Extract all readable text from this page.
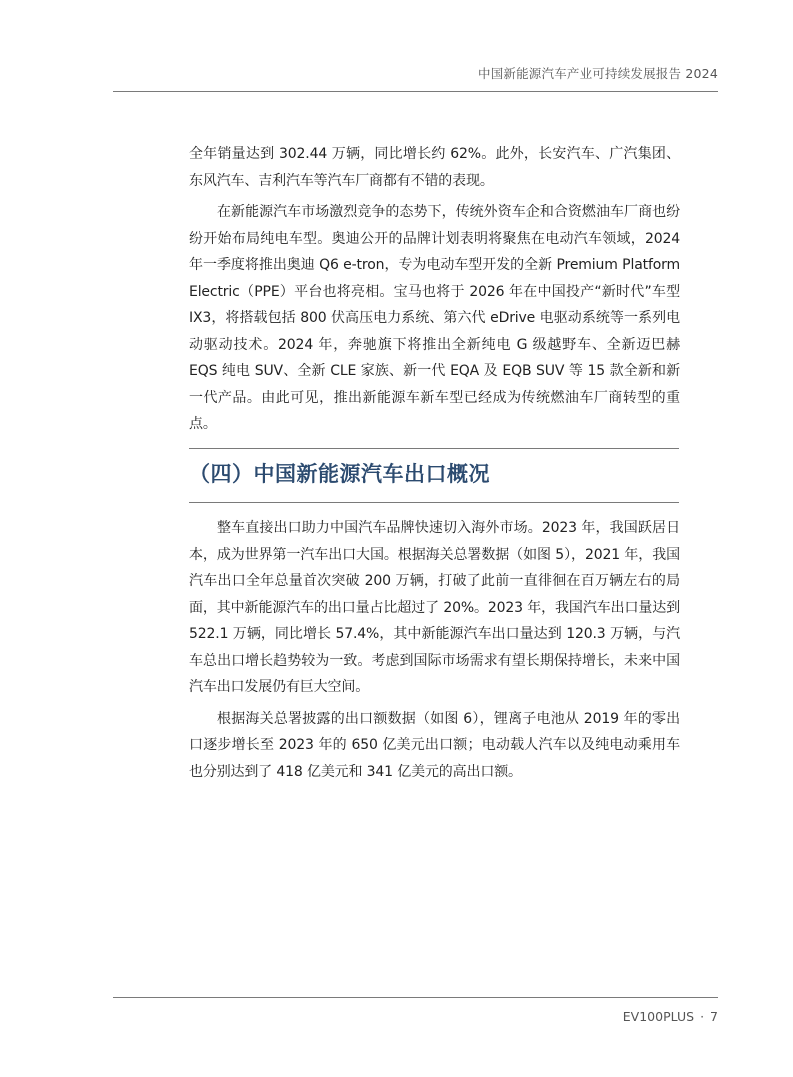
中国新能源汽车产业可持续发展报告 2024

全年销量达到 302.44 万辆，同比增长约 62%。此外，长安汽车、广汽集团、东风汽车、吉利汽车等汽车厂商都有不错的表现。

在新能源汽车市场激烈竞争的态势下，传统外资车企和合资燃油车厂商也纷纷开始布局纯电车型。奥迪公开的品牌计划表明将聚焦在电动汽车领域，2024 年一季度将推出奥迪 Q6 e-tron，专为电动车型开发的全新 Premium Platform Electric（PPE）平台也将亮相。宝马也将于 2026 年在中国投产“新时代”车型 IX3，将搭载包括 800 伏高压电力系统、第六代 eDrive 电驱动系统等一系列电动驱动技术。2024 年，奔驰旗下将推出全新纯电 G 级越野车、全新迈巴赫 EQS 纯电 SUV、全新 CLE 家族、新一代 EQA 及 EQB SUV 等 15 款全新和新一代产品。由此可见，推出新能源车新车型已经成为传统燃油车厂商转型的重点。

（四）中国新能源汽车出口概况

整车直接出口助力中国汽车品牌快速切入海外市场。2023 年，我国跃居日本，成为世界第一汽车出口大国。根据海关总署数据（如图 5），2021 年，我国汽车出口全年总量首次突破 200 万辆，打破了此前一直徘徊在百万辆左右的局面，其中新能源汽车的出口量占比超过了 20%。2023 年，我国汽车出口量达到 522.1 万辆，同比增长 57.4%，其中新能源汽车出口量达到 120.3 万辆，与汽车总出口增长趋势较为一致。考虑到国际市场需求有望长期保持增长，未来中国汽车出口发展仍有巨大空间。

根据海关总署披露的出口额数据（如图 6），锂离子电池从 2019 年的零出口逐步增长至 2023 年的 650 亿美元出口额；电动载人汽车以及纯电动乘用车也分别达到了 418 亿美元和 341 亿美元的高出口额。

EV100PLUS · 7
